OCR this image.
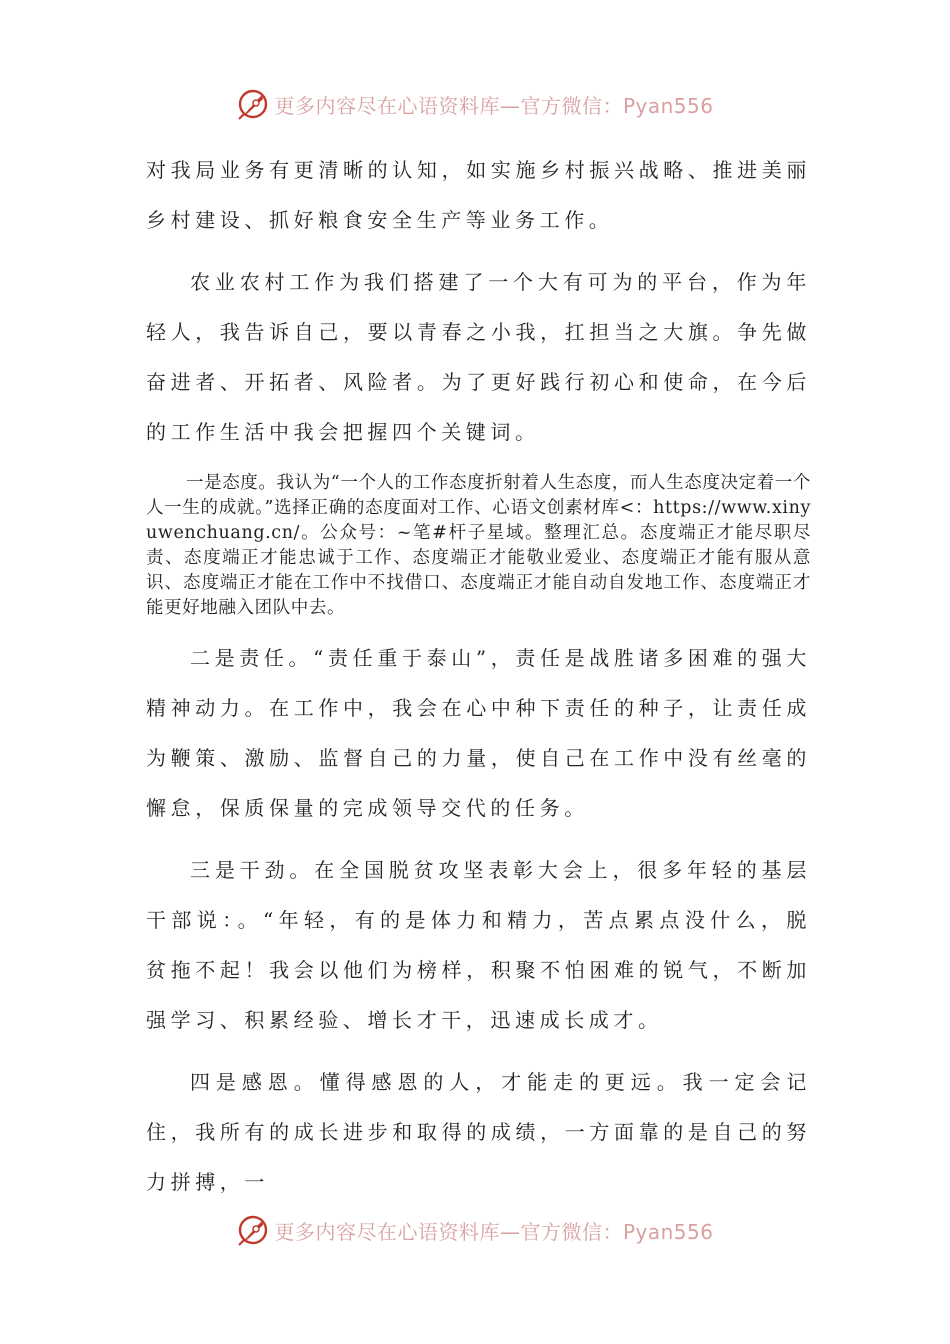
更多内容尽在心语资料库—官方微信：Pyan556

对我局业务有更清晰的认知，如实施乡村振兴战略、推进美丽乡村建设、抓好粮食安全生产等业务工作。

农业农村工作为我们搭建了一个大有可为的平台，作为年轻人，我告诉自己，要以青春之小我，扛担当之大旗。争先做奋进者、开拓者、风险者。为了更好践行初心和使命，在今后的工作生活中我会把握四个关键词。

一是态度。我认为“一个人的工作态度折射着人生态度，而人生态度决定着一个人一生的成就。”选择正确的态度面对工作、心语文创素材库<：https://www.xinyuwenchuang.cn/。公众号：~笔#杆子星域。整理汇总。态度端正才能尽职尽责、态度端正才能忠诚于工作、态度端正才能敬业爱业、态度端正才能有服从意识、态度端正才能在工作中不找借口、态度端正才能自动自发地工作、态度端正才能更好地融入团队中去。

二是责任。“责任重于泰山”，责任是战胜诸多困难的强大精神动力。在工作中，我会在心中种下责任的种子，让责任成为鞭策、激励、监督自己的力量，使自己在工作中没有丝毫的懈怠，保质保量的完成领导交代的任务。

三是干劲。在全国脱贫攻坚表彰大会上，很多年轻的基层干部说：。“年轻，有的是体力和精力，苦点累点没什么，脱贫拖不起！我会以他们为榜样，积聚不怕困难的锐气，不断加强学习、积累经验、增长才干，迅速成长成才。

四是感恩。懂得感恩的人，才能走的更远。我一定会记住，我所有的成长进步和取得的成绩，一方面靠的是自己的努力拼搏，一

更多内容尽在心语资料库—官方微信：Pyan556
